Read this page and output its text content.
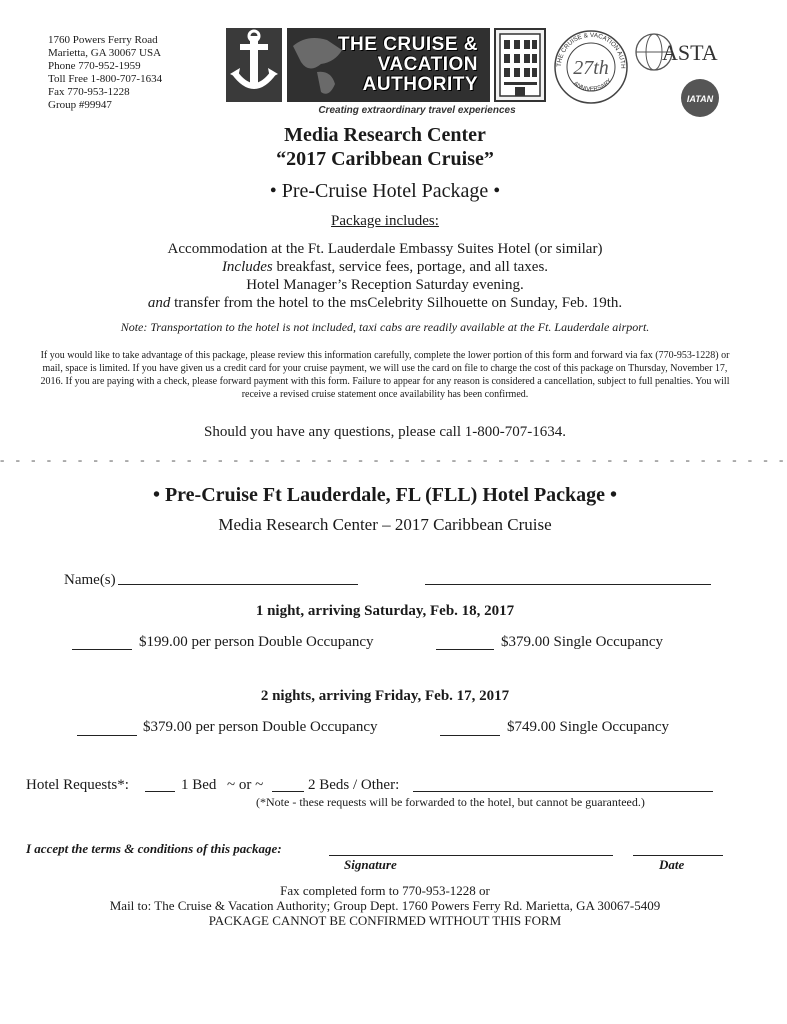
1760 Powers Ferry Road
Marietta, GA 30067 USA
Phone 770-952-1959
Toll Free 1-800-707-1634
Fax 770-953-1228
Group #99947
THE CRUISE &
VACATION
AUTHORITY
Creating extraordinary travel experiences
THE CRUISE & VACATION AUTH
ANNIVERSARY
27th
ASTA
IATAN
Media Research Center
“2017 Caribbean Cruise”
• Pre-Cruise Hotel Package •
Package includes:
Accommodation at the Ft. Lauderdale Embassy Suites Hotel (or similar)
Includes breakfast, service fees, portage, and all taxes.
Hotel Manager’s Reception Saturday evening.
and transfer from the hotel to the msCelebrity Silhouette on Sunday, Feb. 19th.
Note: Transportation to the hotel is not included, taxi cabs are readily available at the Ft. Lauderdale airport.
If you would like to take advantage of this package, please review this information carefully, complete the lower portion of this form and forward via fax (770-953-1228) or mail, space is limited. If you have given us a credit card for your cruise payment, we will use the card on file to charge the cost of this package on Thursday, November 17, 2016. If you are paying with a check, please forward payment with this form. Failure to appear for any reason is considered a cancellation, subject to full penalties. You will receive a revised cruise statement once availability has been confirmed.
Should you have any questions, please call 1-800-707-1634.
- - - - - - - - - - - - - - - - - - - - - - - - - - - - - - - - - - - - - - - - - - - - - - - - - - -
• Pre-Cruise Ft Lauderdale, FL (FLL) Hotel Package •
Media Research Center – 2017 Caribbean Cruise
Name(s)
1 night, arriving Saturday, Feb. 18, 2017
$199.00 per person Double Occupancy	$379.00 Single Occupancy
2 nights, arriving Friday, Feb. 17, 2017
$379.00 per person Double Occupancy	$749.00 Single Occupancy
Hotel Requests*:	1 Bed ~ or ~	2 Beds / Other:
(*Note - these requests will be forwarded to the hotel, but cannot be guaranteed.)
I accept the terms & conditions of this package:
Signature	Date
Fax completed form to 770-953-1228 or
Mail to: The Cruise & Vacation Authority; Group Dept. 1760 Powers Ferry Rd. Marietta, GA 30067-5409
PACKAGE CANNOT BE CONFIRMED WITHOUT THIS FORM
